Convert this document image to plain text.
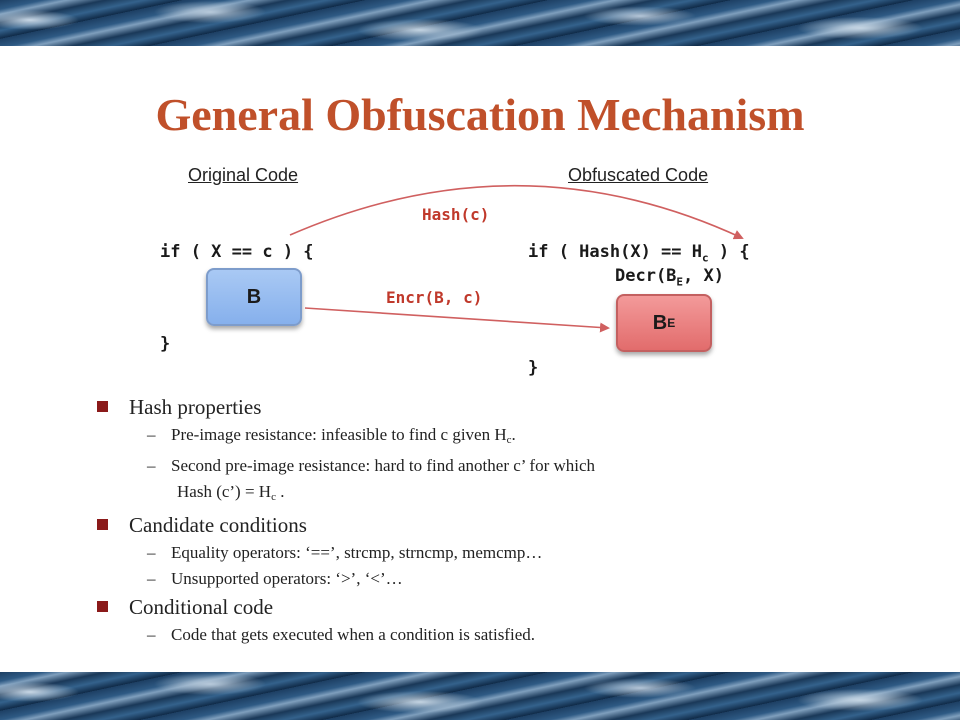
General Obfuscation Mechanism
Original Code	Obfuscated Code
Hash(c)
Encr(B, c)
if ( X == c ) {
B
}
if ( Hash(X) == $H_c$ ) {
$Decr(B_E$, X)
B E
}
Hash properties
– Pre-image resistance: infeasible to find c given Hc.
– Second pre-image resistance: hard to find another c’ for which
Hash (c’) = Hc .
Candidate conditions
– Equality operators: ‘==’, strcmp, strncmp, memcmp…
– Unsupported operators: ‘>’, ‘<’…
Conditional code
– Code that gets executed when a condition is satisfied.
